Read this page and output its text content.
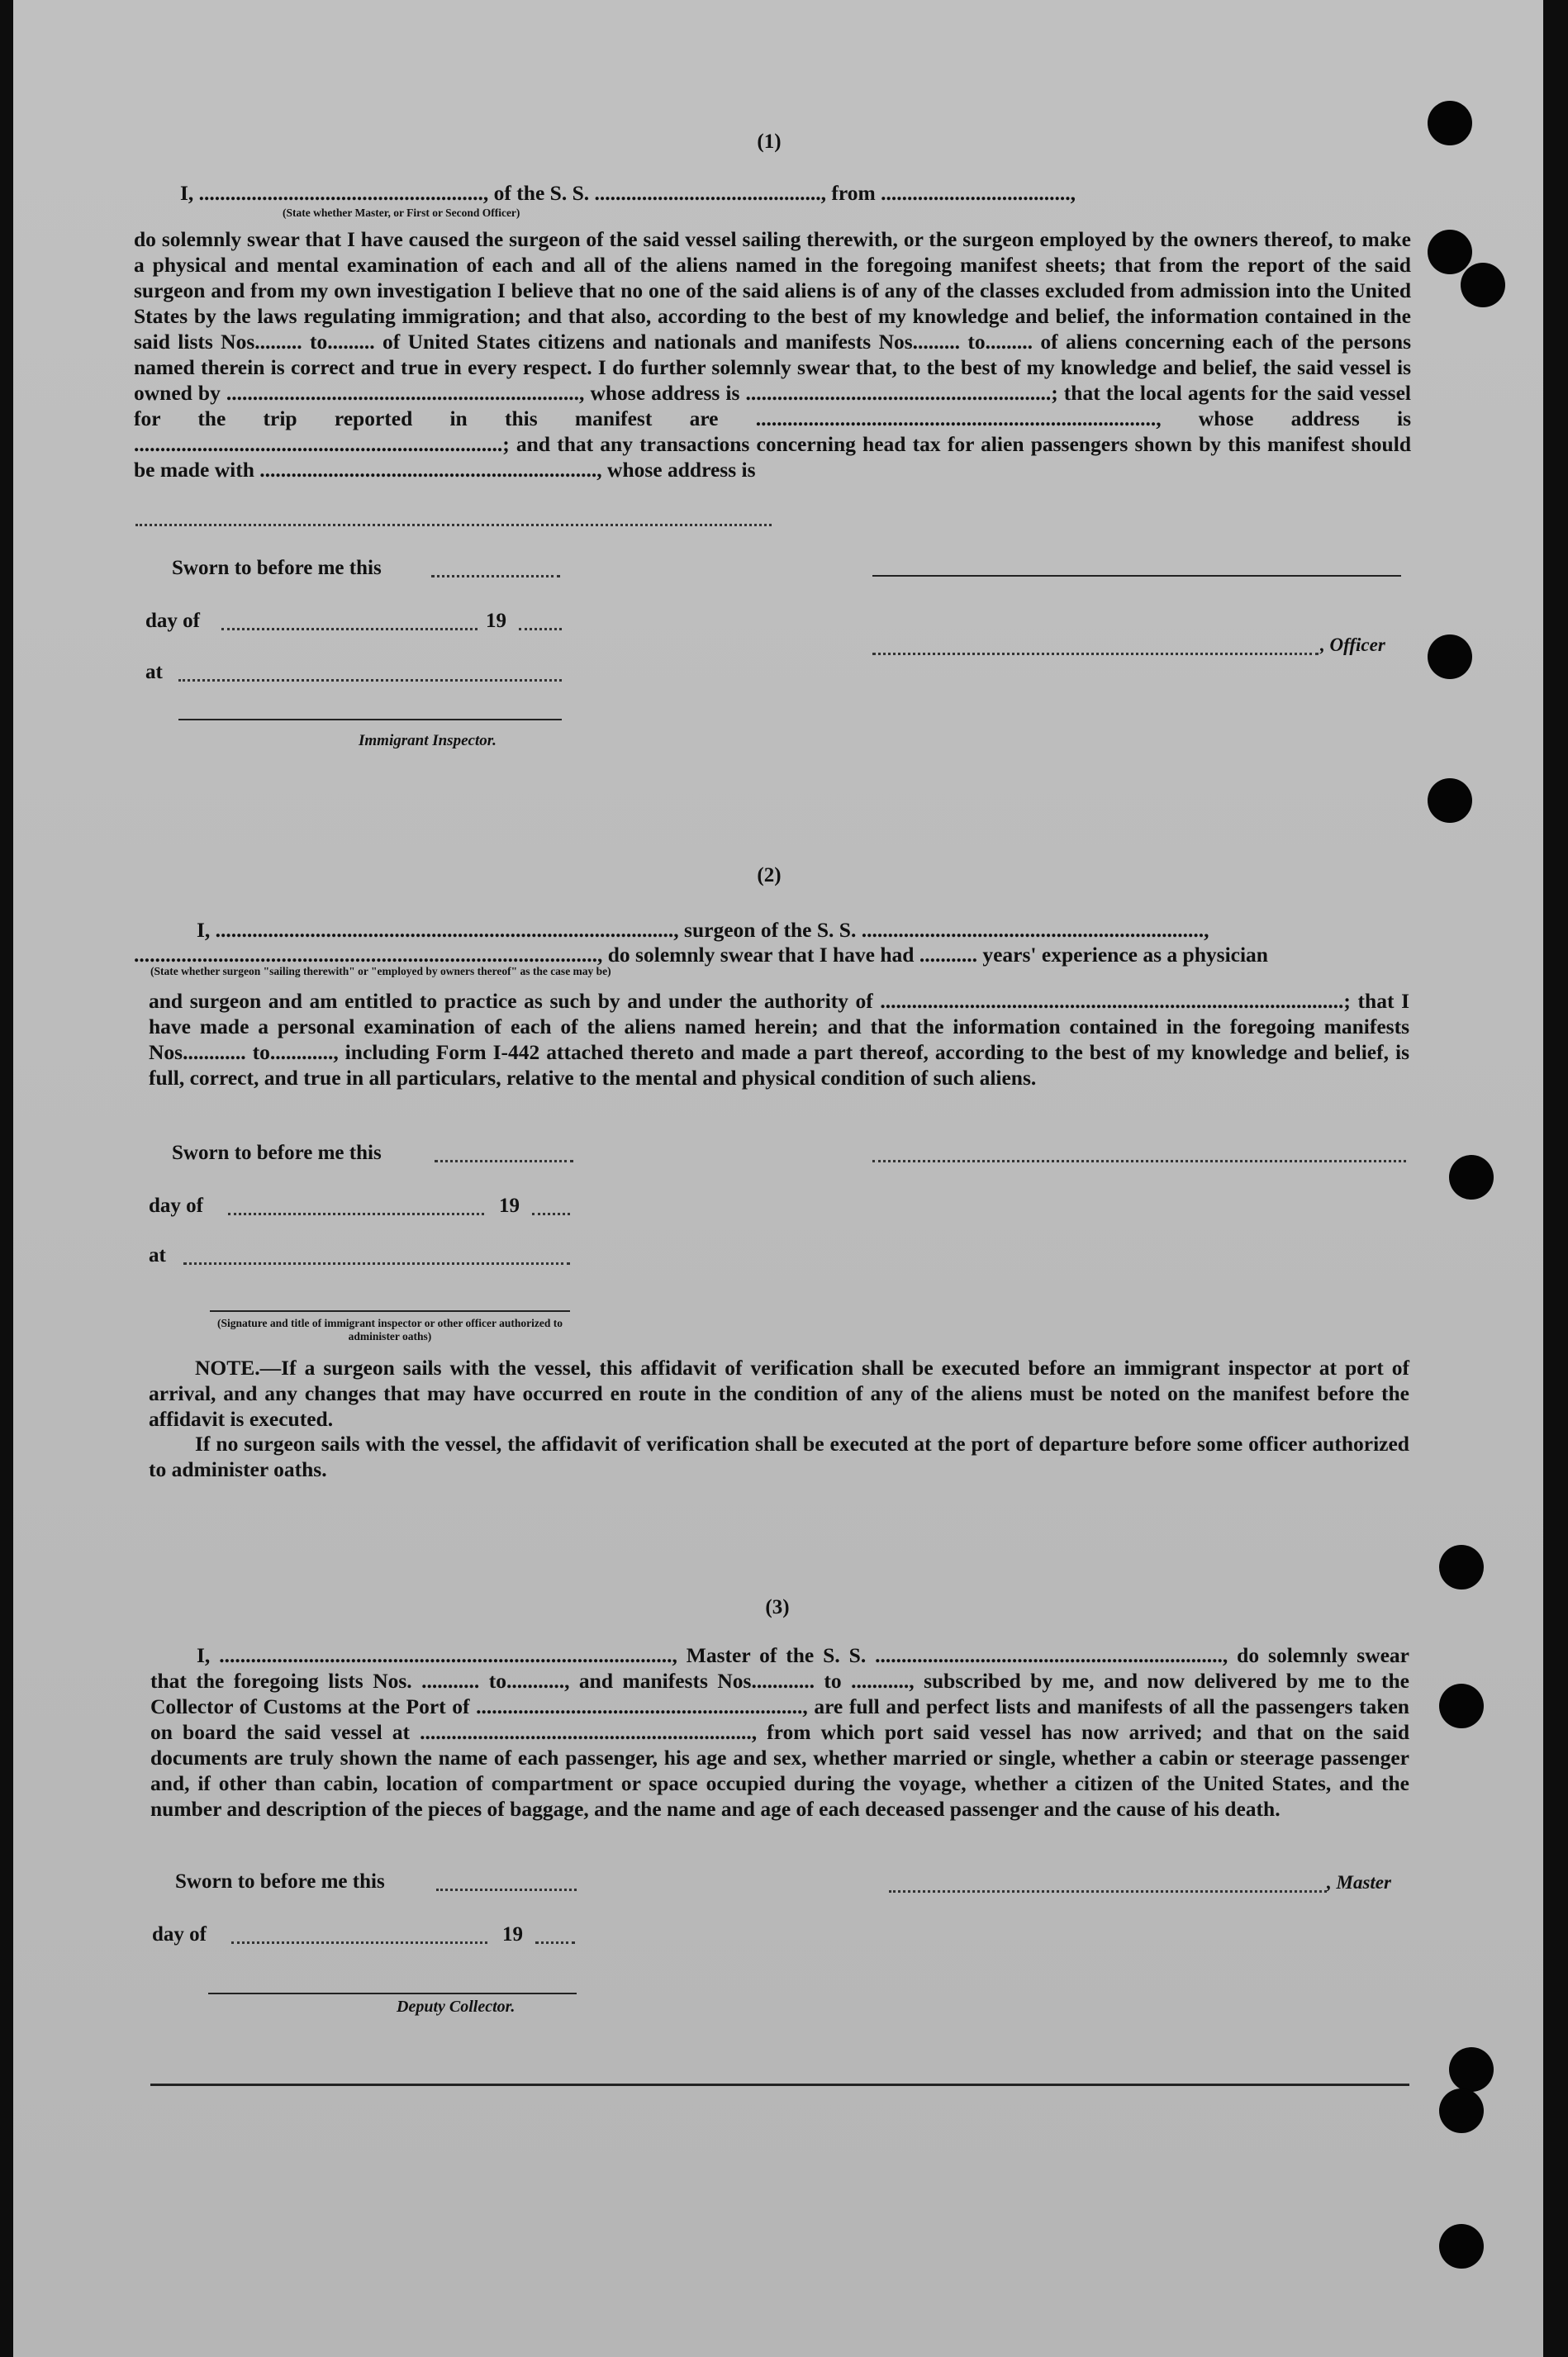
(1)
I, ......................................................, of the S. S. ..........................................., from ....................................,
(State whether Master, or First or Second Officer)
do solemnly swear that I have caused the surgeon of the said vessel sailing therewith, or the surgeon employed by the owners thereof, to make a physical and mental examination of each and all of the aliens named in the foregoing manifest sheets; that from the report of the said surgeon and from my own investigation I believe that no one of the said aliens is of any of the classes excluded from admission into the United States by the laws regulating immigration; and that also, according to the best of my knowledge and belief, the information contained in the said lists Nos......... to......... of United States citizens and nationals and manifests Nos......... to......... of aliens concerning each of the persons named therein is correct and true in every respect. I do further solemnly swear that, to the best of my knowledge and belief, the said vessel is owned by ..................................................................., whose address is ..........................................................; that the local agents for the said vessel for the trip reported in this manifest are ............................................................................, whose address is ......................................................................; and that any transactions concerning head tax for alien passengers shown by this manifest should be made with ................................................................, whose address is
Sworn to before me this
day of	19
, Officer
at
Immigrant Inspector.
(2)
I, ......................................................................................., surgeon of the S. S. .................................................................,
........................................................................................, do solemnly swear that I have had ........... years' experience as a physician
(State whether surgeon "sailing therewith" or "employed by owners thereof" as the case may be)
and surgeon and am entitled to practice as such by and under the authority of ........................................................................................; that I have made a personal examination of each of the aliens named herein; and that the information contained in the foregoing manifests Nos............ to............, including Form I-442 attached thereto and made a part thereof, according to the best of my knowledge and belief, is full, correct, and true in all particulars, relative to the mental and physical condition of such aliens.
Sworn to before me this
day of	19
at
(Signature and title of immigrant inspector or other officer authorized to administer oaths)
NOTE.—If a surgeon sails with the vessel, this affidavit of verification shall be executed before an immigrant inspector at port of arrival, and any changes that may have occurred en route in the condition of any of the aliens must be noted on the manifest before the affidavit is executed.
If no surgeon sails with the vessel, the affidavit of verification shall be executed at the port of departure before some officer authorized to administer oaths.
(3)
I, ......................................................................................, Master of the S. S. .................................................................., do solemnly swear that the foregoing lists Nos. ........... to..........., and manifests Nos............ to ..........., subscribed by me, and now delivered by me to the Collector of Customs at the Port of .............................................................., are full and perfect lists and manifests of all the passengers taken on board the said vessel at ..............................................................., from which port said vessel has now arrived; and that on the said documents are truly shown the name of each passenger, his age and sex, whether married or single, whether a cabin or steerage passenger and, if other than cabin, location of compartment or space occupied during the voyage, whether a citizen of the United States, and the number and description of the pieces of baggage, and the name and age of each deceased passenger and the cause of his death.
Sworn to before me this	, Master
day of	19
Deputy Collector.
